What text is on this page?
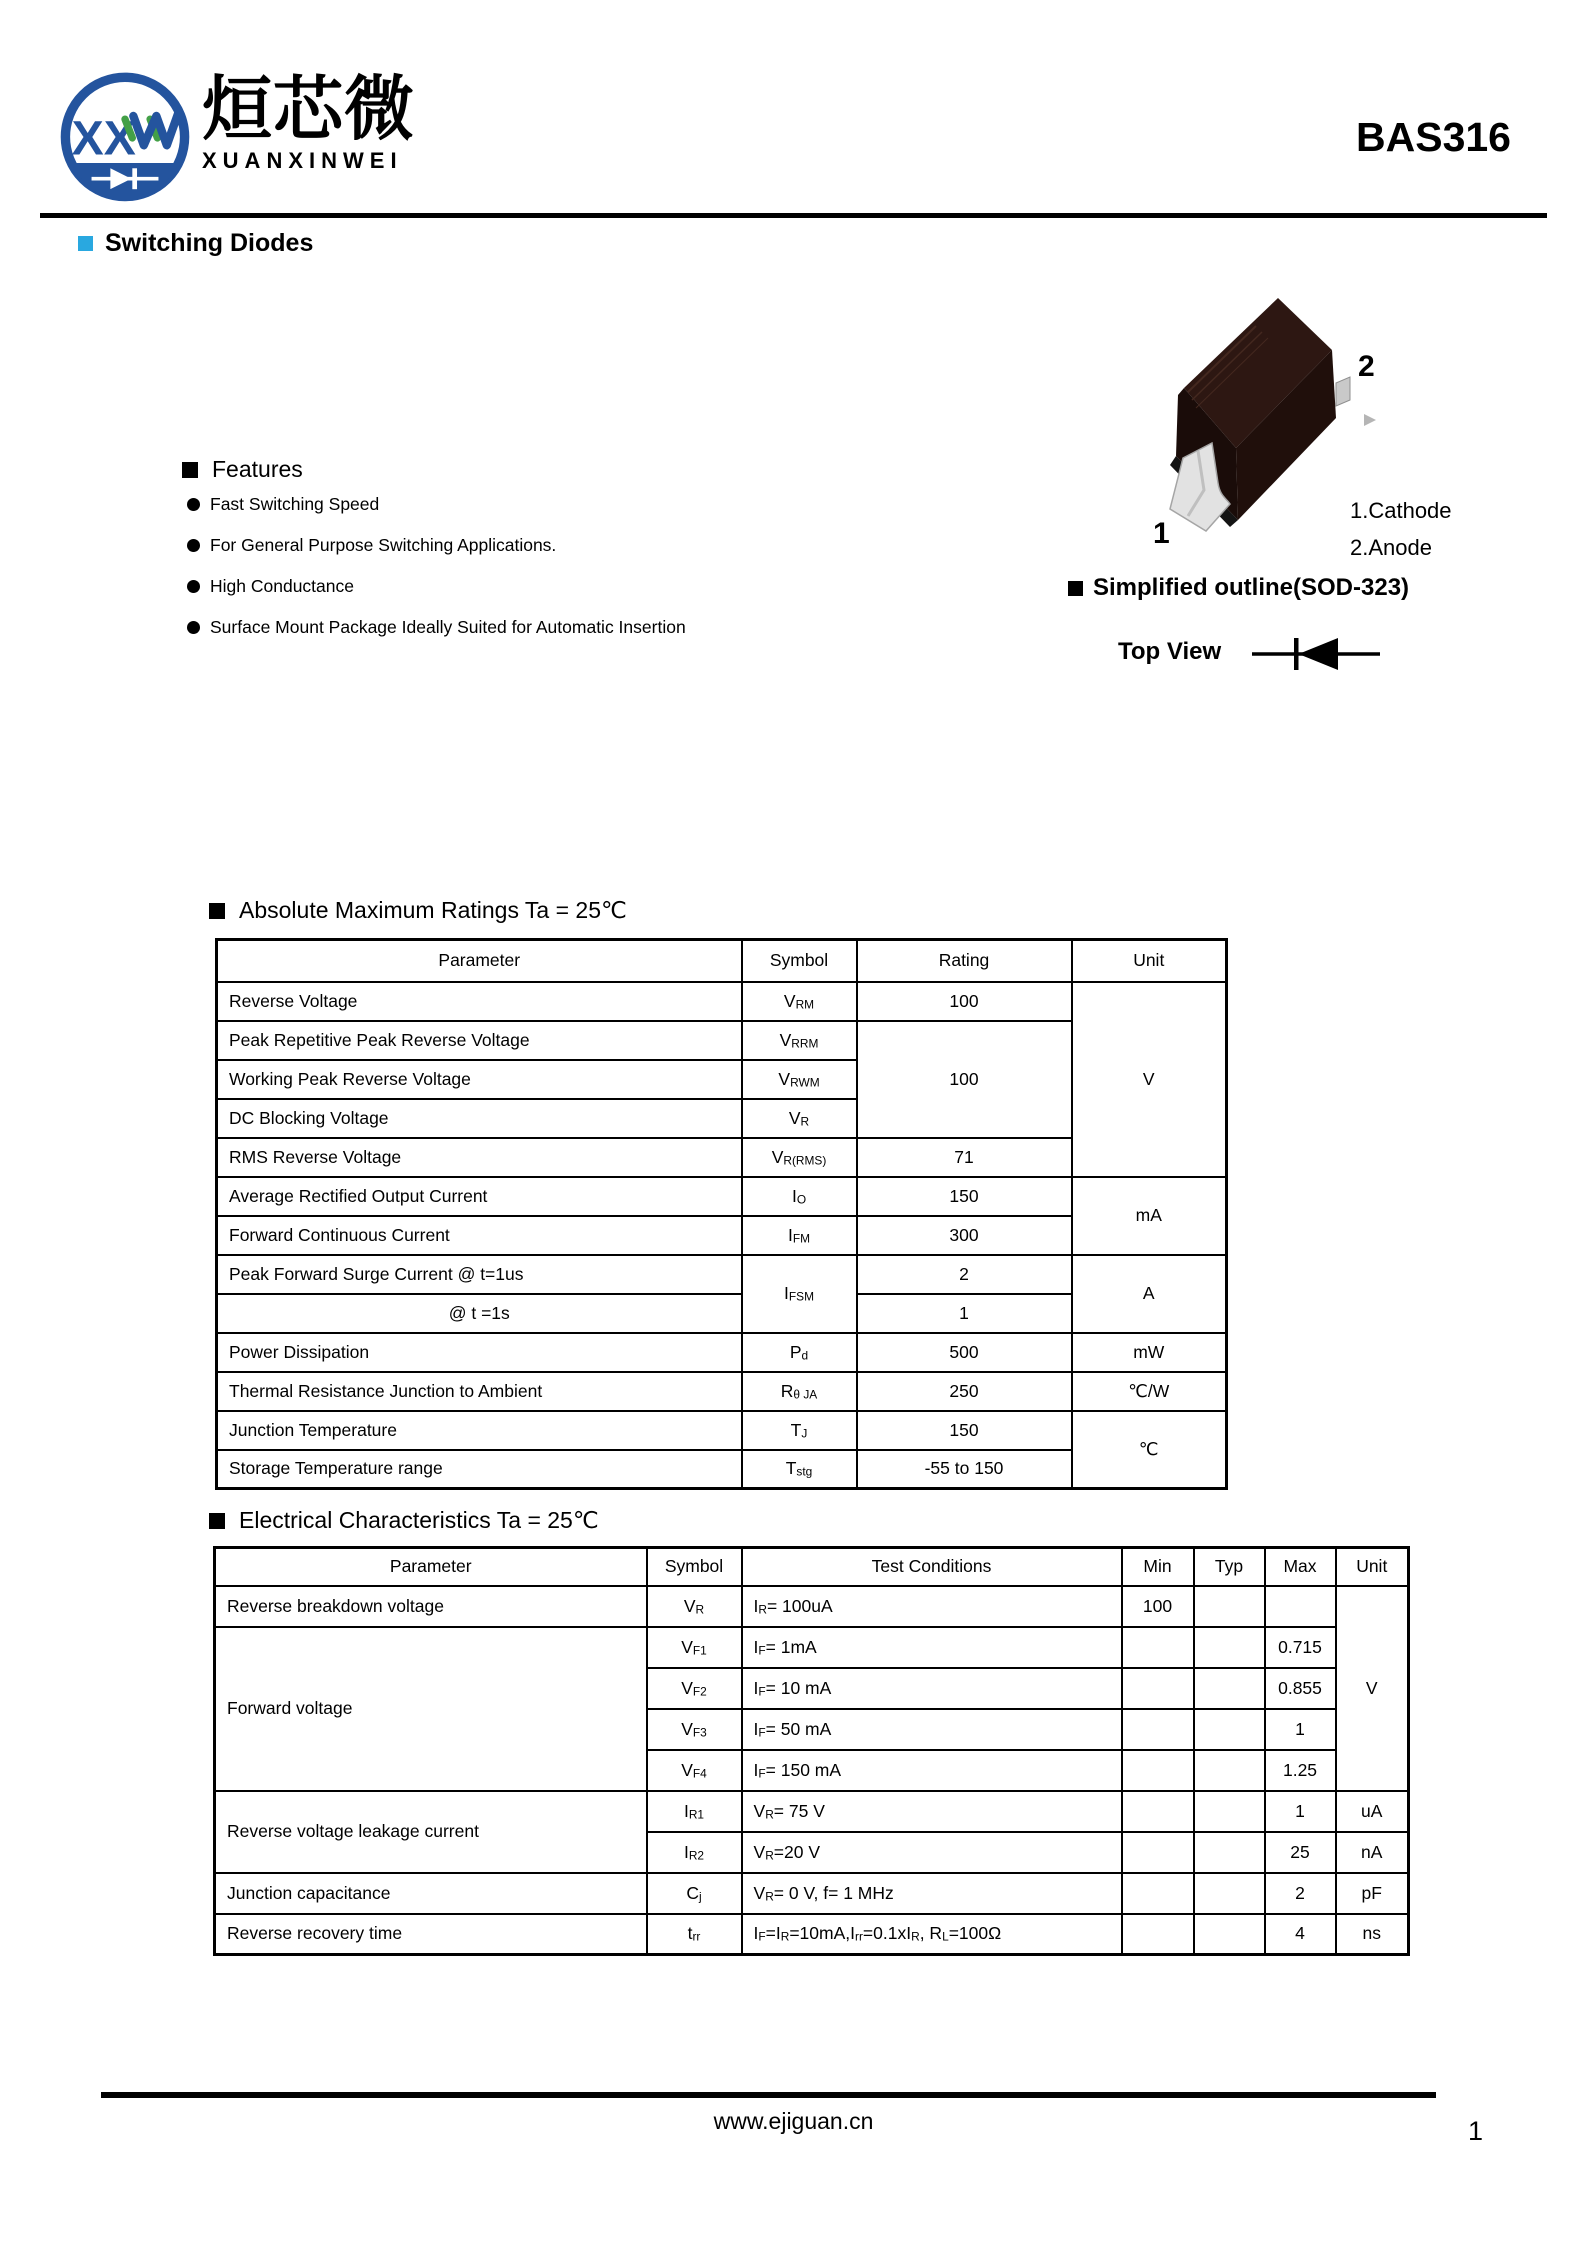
XX 烜芯微
XUANXINWEI
BAS316
Switching Diodes
Features
Fast Switching Speed
For General Purpose Switching Applications.
High Conductance
Surface Mount Package Ideally Suited for Automatic Insertion
2
1
1.Cathode
2.Anode
Simplified outline(SOD-323)
Top View
Absolute Maximum Ratings Ta = 25℃
Parameter	Symbol	Rating	Unit
Reverse Voltage	$V_{RM}$	100	V
Peak Repetitive Peak Reverse Voltage	$V_{RRM}$	100	
Working Peak Reverse Voltage	$V_{RWM}$
DC Blocking Voltage	$V_R$
RMS Reverse Voltage	$V_{R(RMS)}$	71	
Average Rectified Output Current	$I_O$	150	mA
Forward Continuous Current	$I_{FM}$	300	
Peak Forward Surge Current @ t=1us	$I_{FSM}$	2	A
@ t =1s		1	
Power Dissipation	$P_d$	500	mW
Thermal Resistance Junction to Ambient	$R_{\theta JA}$	250	℃/W
Junction Temperature	$T_J$	150	℃
Storage Temperature range	$T_{stg}$	-55 to 150	
Electrical Characteristics Ta = 25℃
Parameter	Symbol	Test Conditions	Min	Typ	Max	Unit
Reverse breakdown voltage	$V_R$	$I_R= 100uA$	100			V
Forward voltage	$V_{F1}$	$I_F= 1mA$			0.715	
	$V_{F2}$	$I_F= 10$ mA			0.855	
	$V_{F3}$	$I_F= 50$ mA			1	
	$V_{F4}$	$I_F= 150$ mA			1.25	
Reverse voltage leakage current	$I_{R1}$	$V_R= 75$ V			1	uA
	$I_{R2}$	$V_R=20$ V			25	nA
Junction capacitance	$C_j$	$V_R= 0$ V, f= 1 MHz			2	pF
Reverse recovery time	$t_{rr}$	$I_F=I_R=10mA,I_{rr}=0.1xI_R$, $R_L=100\Omega$			4	ns
www.ejiguan.cn	1
